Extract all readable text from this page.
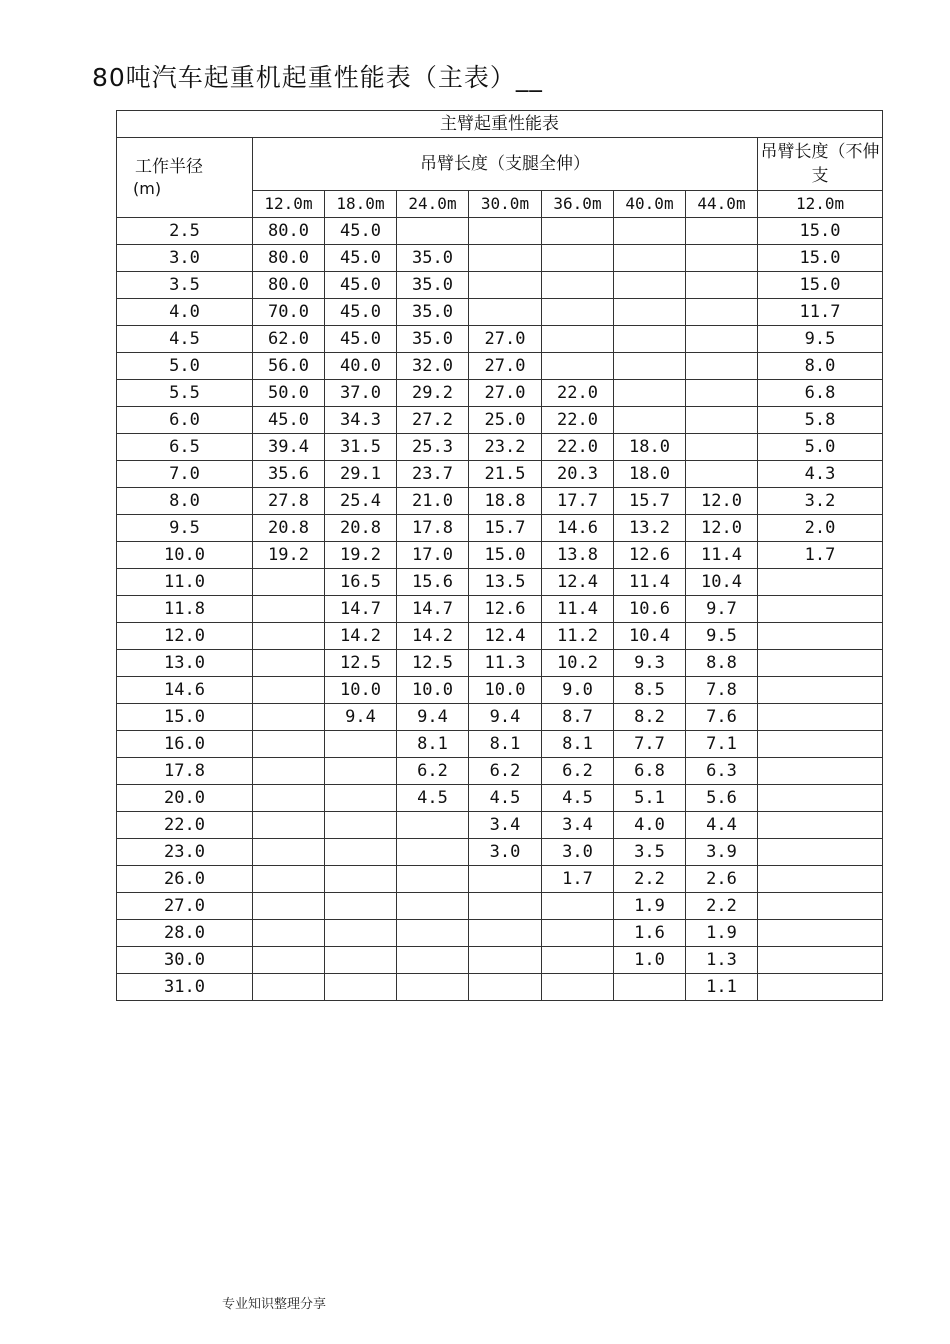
80吨汽车起重机起重性能表（主表）__
主臂起重性能表								
工作半径
(m)	吊臂长度（支腿全伸）							吊臂长度（不伸支
	12.0m	18.0m	24.0m	30.0m	36.0m	40.0m	44.0m	12.0m
2.5	80.0	45.0						15.0
3.0	80.0	45.0	35.0					15.0
3.5	80.0	45.0	35.0					15.0
4.0	70.0	45.0	35.0					11.7
4.5	62.0	45.0	35.0	27.0				9.5
5.0	56.0	40.0	32.0	27.0				8.0
5.5	50.0	37.0	29.2	27.0	22.0			6.8
6.0	45.0	34.3	27.2	25.0	22.0			5.8
6.5	39.4	31.5	25.3	23.2	22.0	18.0		5.0
7.0	35.6	29.1	23.7	21.5	20.3	18.0		4.3
8.0	27.8	25.4	21.0	18.8	17.7	15.7	12.0	3.2
9.5	20.8	20.8	17.8	15.7	14.6	13.2	12.0	2.0
10.0	19.2	19.2	17.0	15.0	13.8	12.6	11.4	1.7
11.0		16.5	15.6	13.5	12.4	11.4	10.4	
11.8		14.7	14.7	12.6	11.4	10.6	9.7	
12.0		14.2	14.2	12.4	11.2	10.4	9.5	
13.0		12.5	12.5	11.3	10.2	9.3	8.8	
14.6		10.0	10.0	10.0	9.0	8.5	7.8	
15.0		9.4	9.4	9.4	8.7	8.2	7.6	
16.0			8.1	8.1	8.1	7.7	7.1	
17.8			6.2	6.2	6.2	6.8	6.3	
20.0			4.5	4.5	4.5	5.1	5.6	
22.0				3.4	3.4	4.0	4.4	
23.0				3.0	3.0	3.5	3.9	
26.0					1.7	2.2	2.6	
27.0						1.9	2.2	
28.0						1.6	1.9	
30.0						1.0	1.3	
31.0							1.1	
专业知识整理分享
